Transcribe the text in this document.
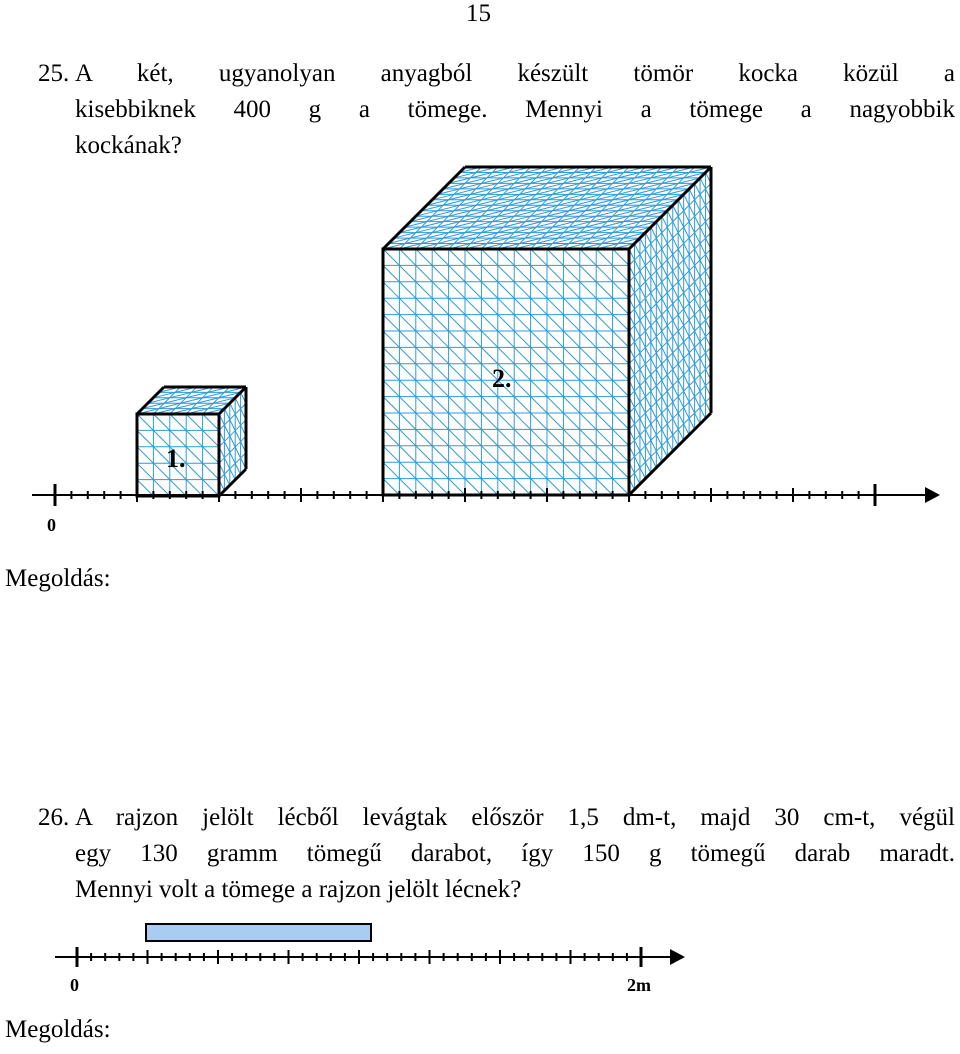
15
25. A két, ugyanolyan anyagból készült tömör kocka közül a
kisebbiknek 400 g a tömege. Mennyi a tömege a nagyobbik
kockának?
Megoldás:
26. A rajzon jelölt lécből levágtak először 1,5 dm-t, majd 30 cm-t, végül
egy 130 gramm tömegű darabot, így 150 g tömegű darab maradt.
Mennyi volt a tömege a rajzon jelölt lécnek?
Megoldás:
1.
2.
0
0	2m
